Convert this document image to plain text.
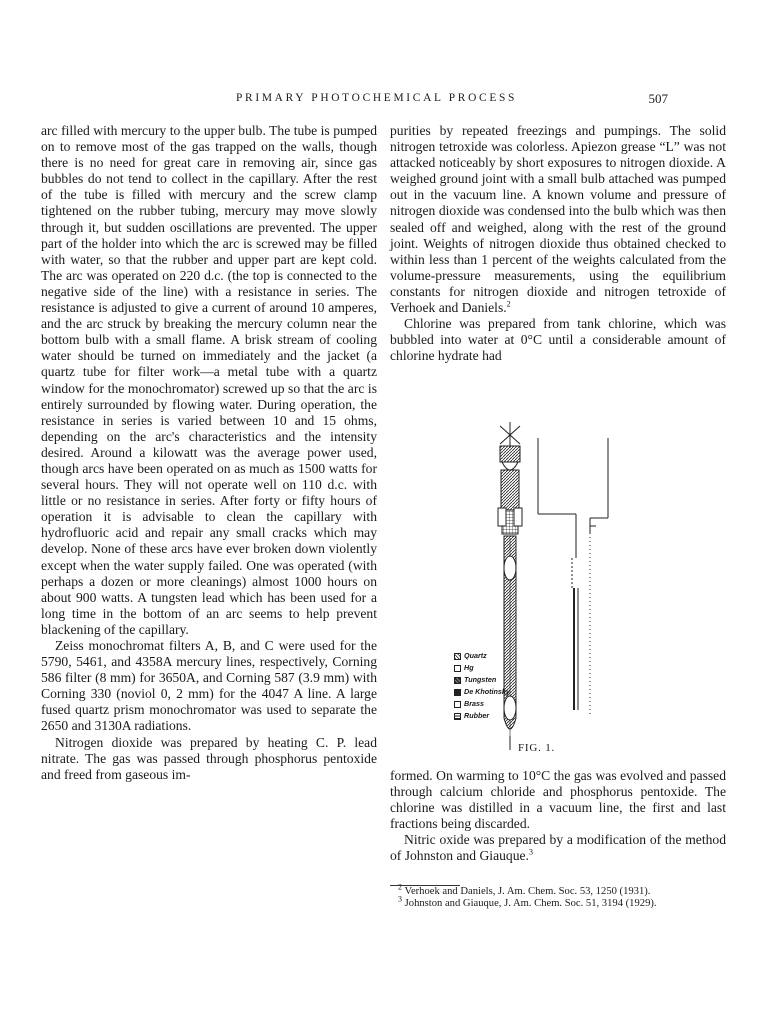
PRIMARY PHOTOCHEMICAL PROCESS	507

arc filled with mercury to the upper bulb. The tube is pumped on to remove most of the gas trapped on the walls, though there is no need for great care in removing air, since gas bubbles do not tend to collect in the capillary. After the rest of the tube is filled with mercury and the screw clamp tightened on the rubber tubing, mercury may move slowly through it, but sudden oscillations are prevented. The upper part of the holder into which the arc is screwed may be filled with water, so that the rubber and upper part are kept cold. The arc was operated on 220 d.c. (the top is connected to the negative side of the line) with a resistance in series. The resistance is adjusted to give a current of around 10 amperes, and the arc struck by breaking the mercury column near the bottom bulb with a small flame. A brisk stream of cooling water should be turned on immediately and the jacket (a quartz tube for filter work—a metal tube with a quartz window for the monochromator) screwed up so that the arc is entirely surrounded by flowing water. During operation, the resistance in series is varied between 10 and 15 ohms, depending on the arc's characteristics and the intensity desired. Around a kilowatt was the average power used, though arcs have been operated on as much as 1500 watts for several hours. They will not operate well on 110 d.c. with little or no resistance in series. After forty or fifty hours of operation it is advisable to clean the capillary with hydrofluoric acid and repair any small cracks which may develop. None of these arcs have ever broken down violently except when the water supply failed. One was operated (with perhaps a dozen or more cleanings) almost 1000 hours on about 900 watts. A tungsten lead which has been used for a long time in the bottom of an arc seems to help prevent blackening of the capillary.

Zeiss monochromat filters A, B, and C were used for the 5790, 5461, and 4358A mercury lines, respectively, Corning 586 filter (8 mm) for 3650A, and Corning 587 (3.9 mm) with Corning 330 (noviol 0, 2 mm) for the 4047 A line. A large fused quartz prism monochromator was used to separate the 2650 and 3130A radiations.

Nitrogen dioxide was prepared by heating C. P. lead nitrate. The gas was passed through phosphorus pentoxide and freed from gaseous im-

purities by repeated freezings and pumpings. The solid nitrogen tetroxide was colorless. Apiezon grease “L” was not attacked noticeably by short exposures to nitrogen dioxide. A weighed ground joint with a small bulb attached was pumped out in the vacuum line. A known volume and pressure of nitrogen dioxide was condensed into the bulb which was then sealed off and weighed, along with the rest of the ground joint. Weights of nitrogen dioxide thus obtained checked to within less than 1 percent of the weights calculated from the volume-pressure measurements, using the equilibrium constants for nitrogen dioxide and nitrogen tetroxide of Verhoek and Daniels.$^2$

Chlorine was prepared from tank chlorine, which was bubbled into water at 0°C until a considerable amount of chlorine hydrate had

Quartz
Hg
Tungsten
De Khotinsky
Brass
Rubber
FIG. 1.

formed. On warming to 10°C the gas was evolved and passed through calcium chloride and phosphorus pentoxide. The chlorine was distilled in a vacuum line, the first and last fractions being discarded.

Nitric oxide was prepared by a modification of the method of Johnston and Giauque.$^3$

$^2$ Verhoek and Daniels, J. Am. Chem. Soc. 53, 1250 (1931).

$^3$ Johnston and Giauque, J. Am. Chem. Soc. 51, 3194 (1929).
